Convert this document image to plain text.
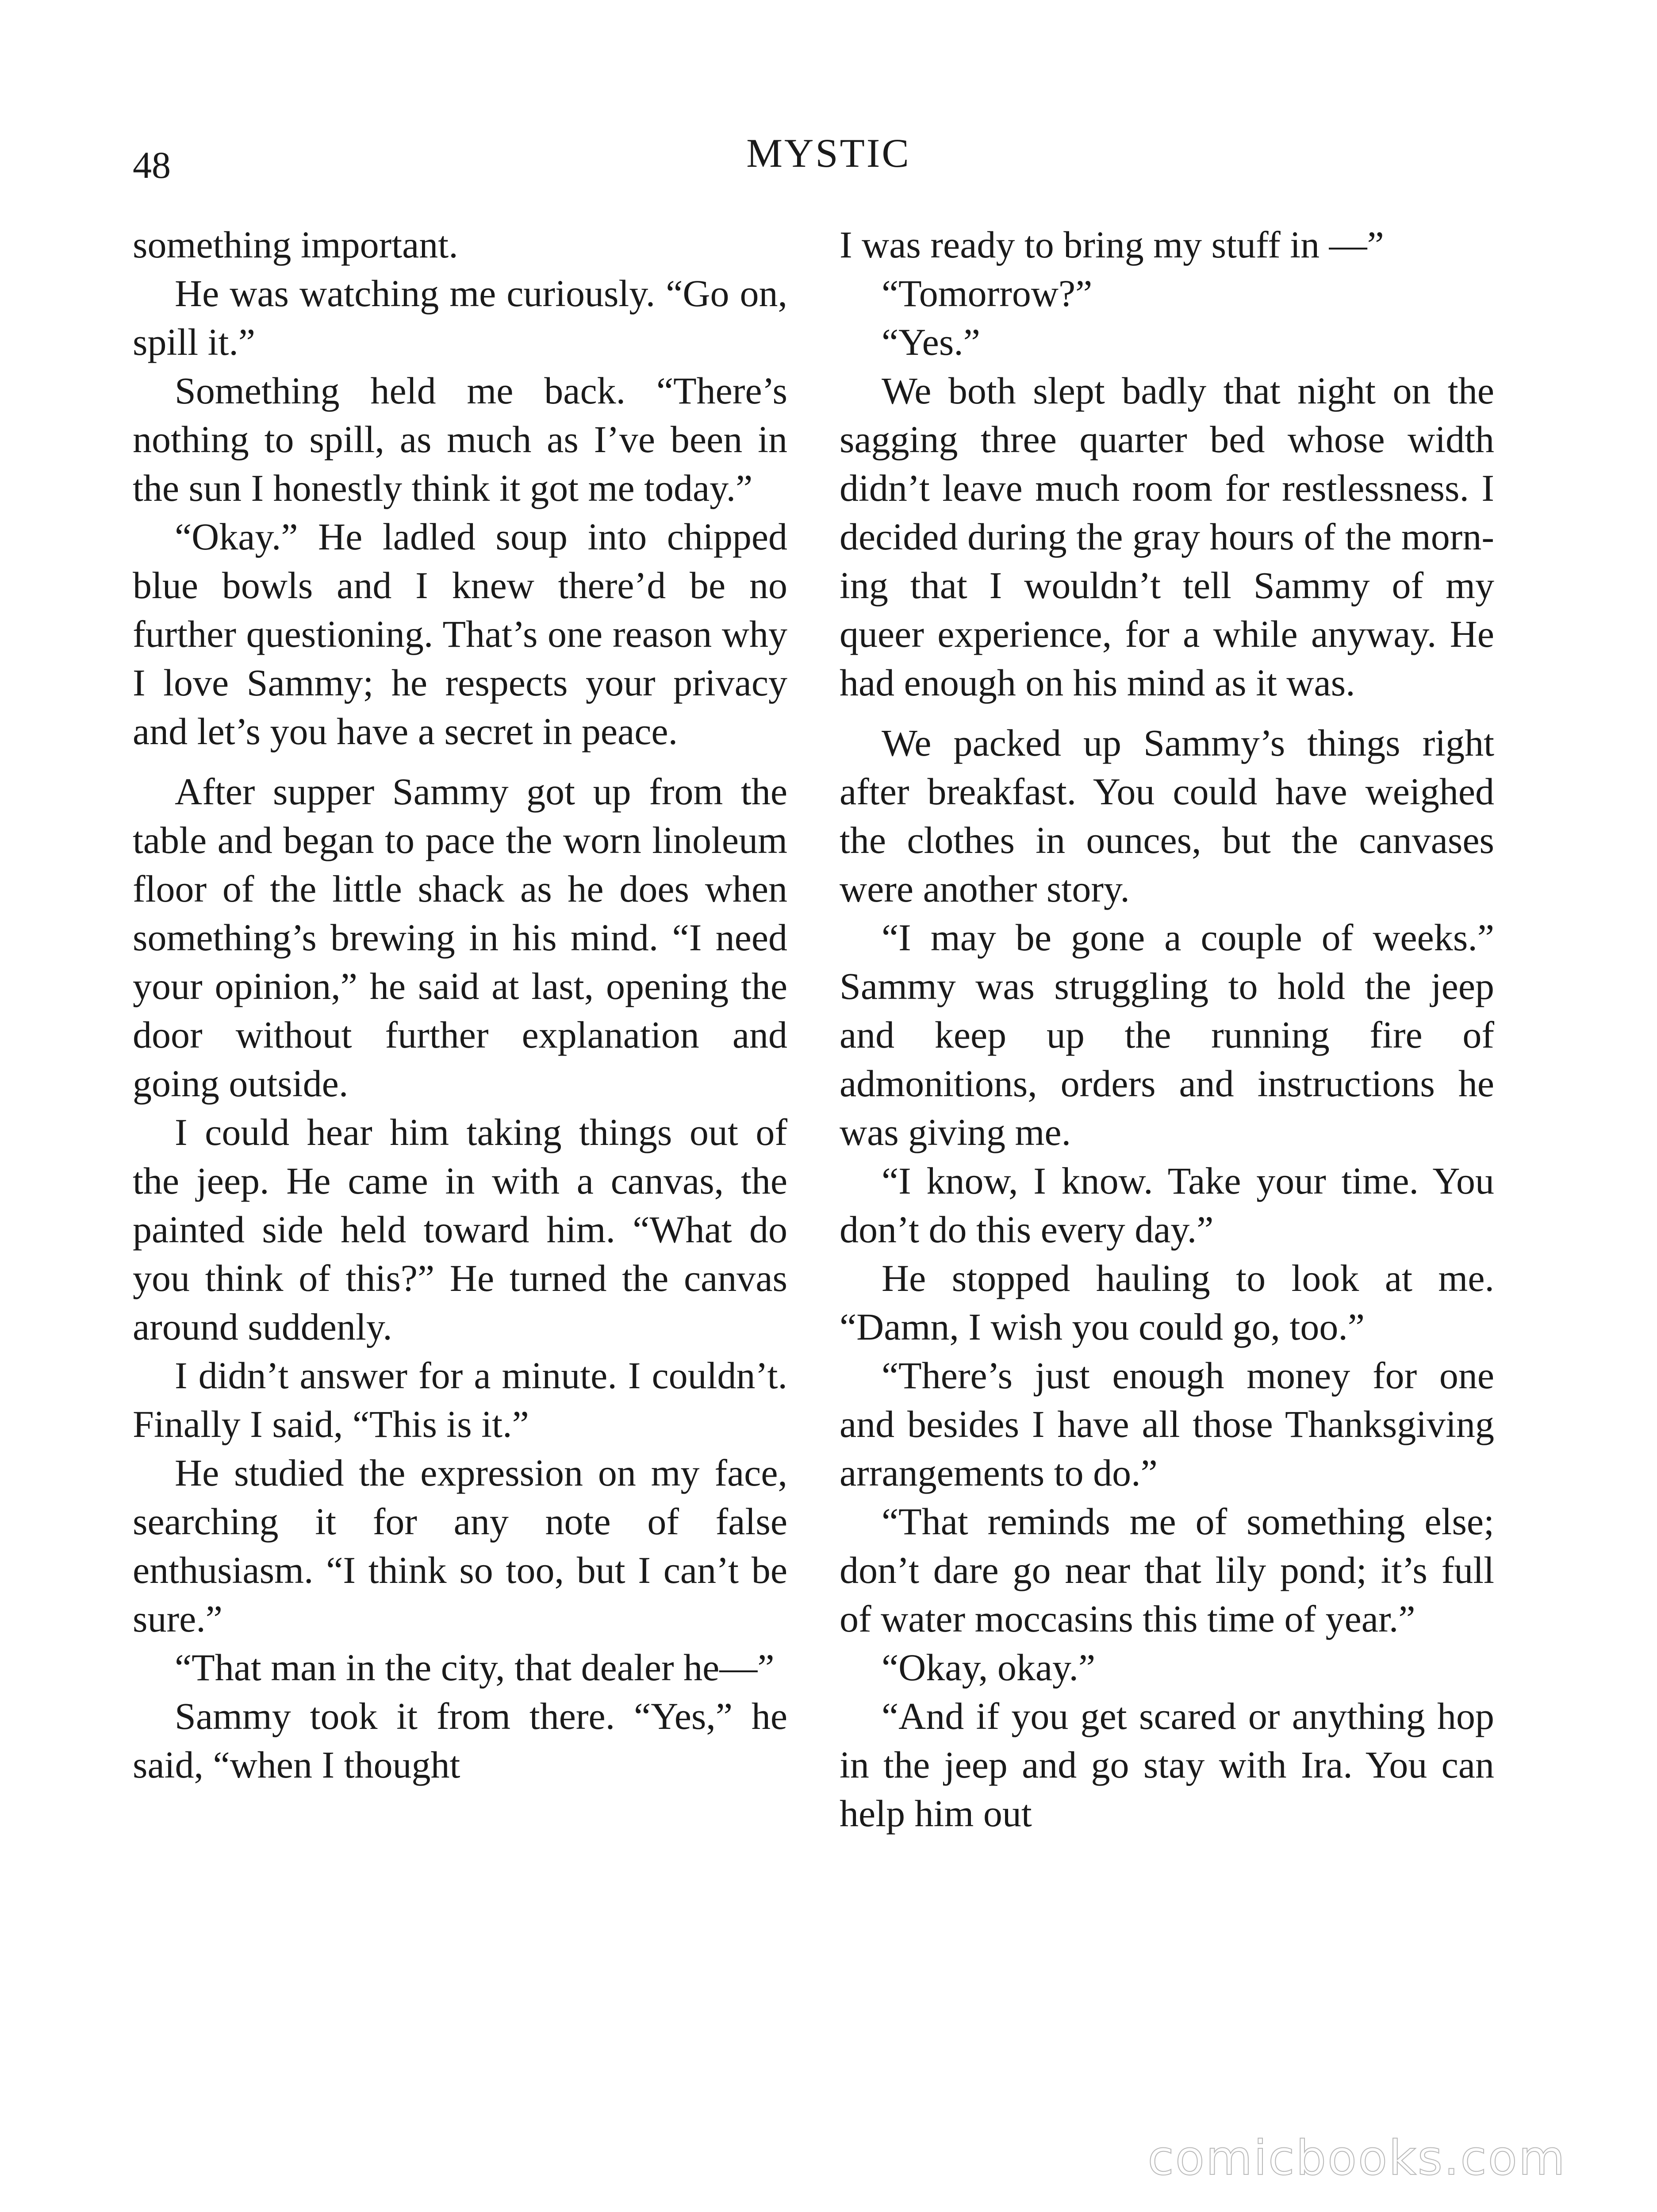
48	MYSTIC

something important.

He was watching me curiously. “Go on, spill it.”

Something held me back. “There’s nothing to spill, as much as I’ve been in the sun I honestly think it got me today.”

“Okay.” He ladled soup into chipped blue bowls and I knew there’d be no further questioning. That’s one reason why I love Sammy; he respects your privacy and let’s you have a secret in peace.

After supper Sammy got up from the table and began to pace the worn linoleum floor of the little shack as he does when something’s brewing in his mind. “I need your opinion,” he said at last, opening the door without further explanation and going outside.

I could hear him taking things out of the jeep. He came in with a canvas, the painted side held toward him. “What do you think of this?” He turned the canvas around suddenly.

I didn’t answer for a minute. I couldn’t. Finally I said, “This is it.”

He studied the expression on my face, searching it for any note of false enthusiasm. “I think so too, but I can’t be sure.”

“That man in the city, that dealer he—”

Sammy took it from there. “Yes,” he said, “when I thought

I was ready to bring my stuff in —”

“Tomorrow?”

“Yes.”

We both slept badly that night on the sagging three quarter bed whose width didn’t leave much room for restlessness. I decided during the gray hours of the morning that I wouldn’t tell Sammy of my queer experience, for a while anyway. He had enough on his mind as it was.

We packed up Sammy’s things right after breakfast. You could have weighed the clothes in ounces, but the canvases were another story.

“I may be gone a couple of weeks.” Sammy was struggling to hold the jeep and keep up the running fire of admonitions, orders and instructions he was giving me.

“I know, I know. Take your time. You don’t do this every day.”

He stopped hauling to look at me. “Damn, I wish you could go, too.”

“There’s just enough money for one and besides I have all those Thanksgiving arrangements to do.”

“That reminds me of something else; don’t dare go near that lily pond; it’s full of water moccasins this time of year.”

“Okay, okay.”

“And if you get scared or anything hop in the jeep and go stay with Ira. You can help him out

comicbooks.com
